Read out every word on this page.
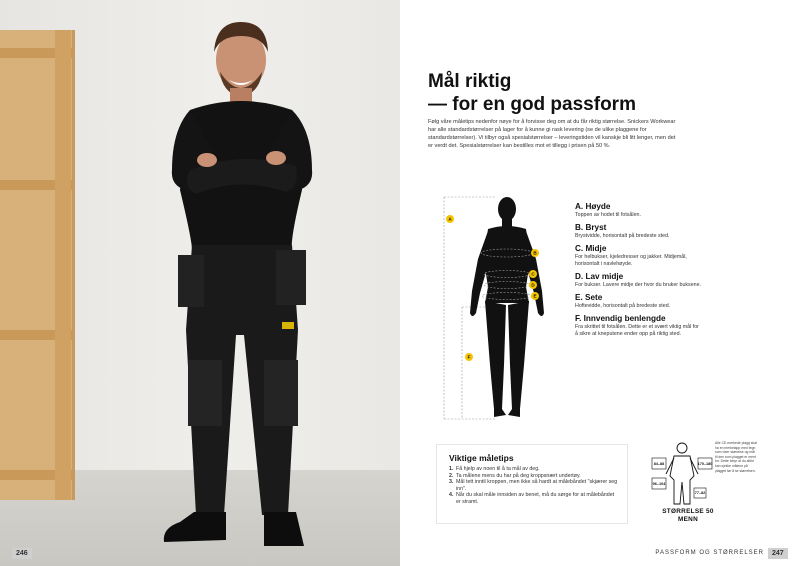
246
Mål riktig
— for en god passform

Følg våre måletips nedenfor nøye for å forvisse deg om at du får riktig størrelse. Snickers Workwear har alle standardstørrelser på lager for å kunne gi rask levering (se de ulike plaggene for standardstørrelser). Vi tilbyr også spesialstørrelser – leveringstiden vil kanskje bli litt lenger, men det er verdt det. Spesialstørrelser kan bestilles mot et tillegg i prisen på 50 %.

A
B
C
D
E
F
A. Høyde
Toppen av hodet til fotsålen.
B. Bryst
Brystvidde, horisontalt på bredeste sted.
C. Midje
For helbukser, kjeledresser og jakker. Midjemål, horisontalt i navlehøyde.
D. Lav midje
For bukser. Lavere midje der hvor du bruker buksene.
E. Sete
Hoftevidde, horisontalt på bredeste sted.
F. Innvendig benlengde
Fra skrittet til fotsålen. Dette er et svært viktig mål for å sikre at kneputene ender opp på riktig sted.
Viktige måletips
1. Få hjelp av noen til å ta mål av deg.
2. Ta målene mens du har på deg kroppsnært undertøy.
3. Mål tett inntil kroppen, men ikke så hardt at målebåndet "skjærer seg inn".
4. Når du skal måle innsiden av benet, må du sørge for at målebåndet er stramt.
84–88
96–104
170–180
77–82
STØRRELSE 50
MENN
Alle CE-merkede plagg skal ha en merkelapp med tegn som viser størrelse og mål til den som plagget er ment for. Dette betyr at du alltid kan sjekke målene på plagget før å se størrelsen.
PASSFORM OG STØRRELSER	247
